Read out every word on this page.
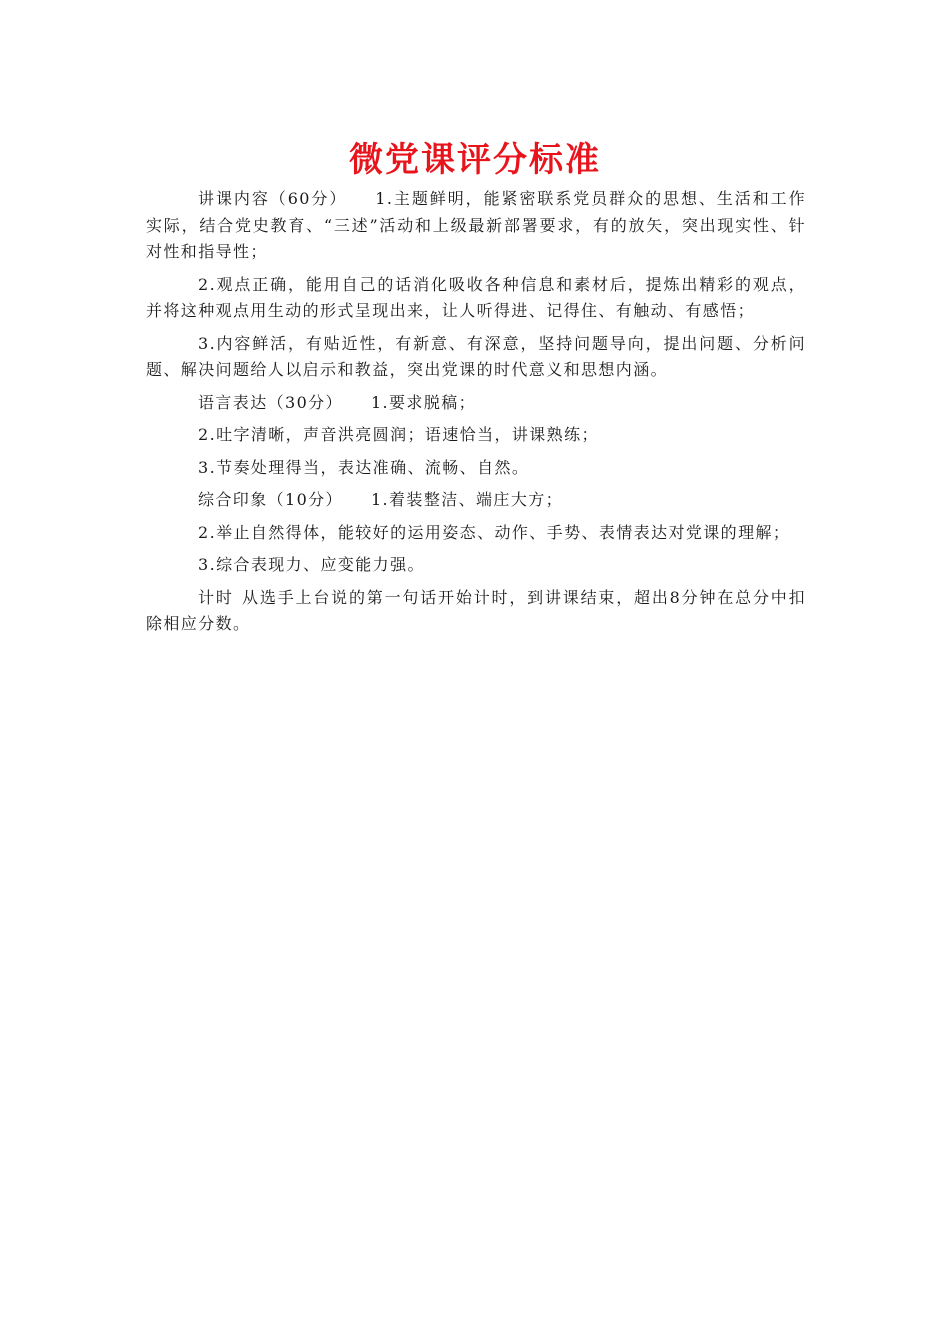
微党课评分标准

讲课内容（60分） 1.主题鲜明，能紧密联系党员群众的思想、生活和工作实际，结合党史教育、“三述”活动和上级最新部署要求，有的放矢，突出现实性、针对性和指导性；

2.观点正确，能用自己的话消化吸收各种信息和素材后，提炼出精彩的观点，并将这种观点用生动的形式呈现出来，让人听得进、记得住、有触动、有感悟；

3.内容鲜活，有贴近性，有新意、有深意，坚持问题导向，提出问题、分析问题、解决问题给人以启示和教益，突出党课的时代意义和思想内涵。

语言表达（30分） 1.要求脱稿；

2.吐字清晰，声音洪亮圆润；语速恰当，讲课熟练；

3.节奏处理得当，表达准确、流畅、自然。

综合印象（10分） 1.着装整洁、端庄大方；

2.举止自然得体，能较好的运用姿态、动作、手势、表情表达对党课的理解；

3.综合表现力、应变能力强。

计时 从选手上台说的第一句话开始计时，到讲课结束，超出8分钟在总分中扣除相应分数。
